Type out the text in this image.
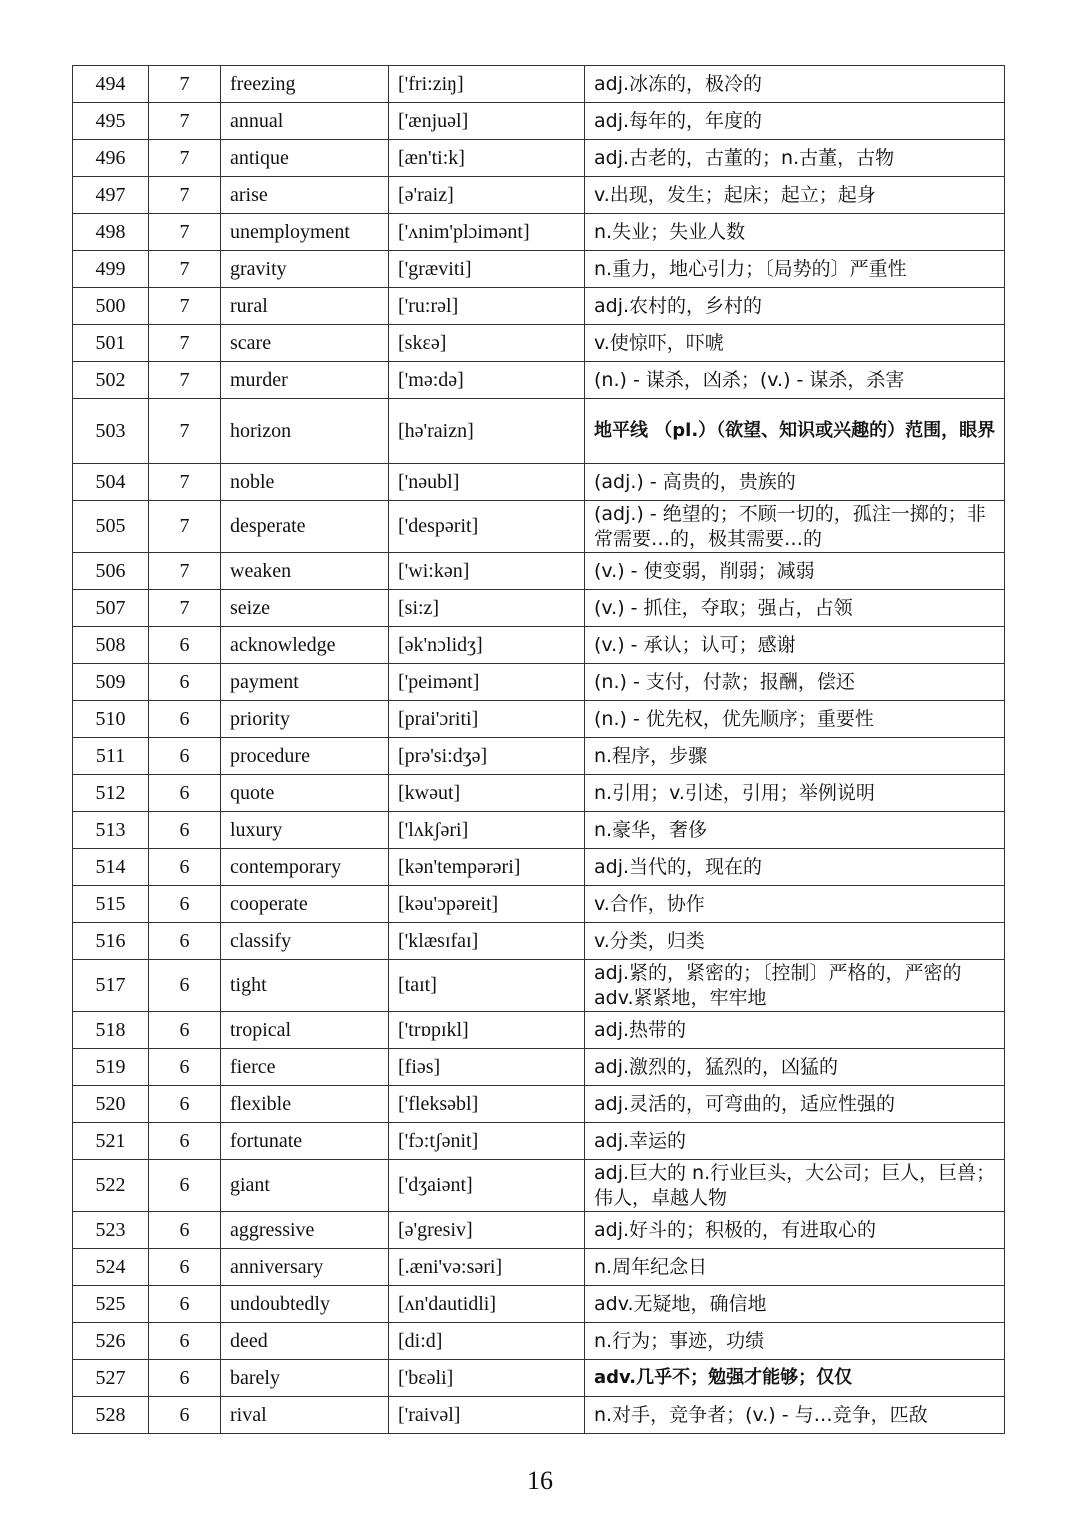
494	7	freezing	['fri:ziŋ]	adj.冰冻的，极冷的
495	7	annual	['ænjuəl]	adj.每年的，年度的
496	7	antique	[æn'ti:k]	adj.古老的，古董的；n.古董，古物
497	7	arise	[ə'raiz]	v.出现，发生；起床；起立；起身
498	7	unemployment	['ʌnim'plɔimənt]	n.失业；失业人数
499	7	gravity	['græviti]	n.重力，地心引力；〔局势的〕严重性
500	7	rural	['ru:rəl]	adj.农村的，乡村的
501	7	scare	[skεə]	v.使惊吓，吓唬
502	7	murder	['mə:də]	(n.) - 谋杀，凶杀；(v.) - 谋杀，杀害
503	7	horizon	[hə'raizn]	地平线 （pl.）（欲望、知识或兴趣的）范围，眼界
504	7	noble	['nəubl]	(adj.) - 高贵的，贵族的
505	7	desperate	['despərit]	(adj.) - 绝望的；不顾一切的，孤注一掷的；非常需要…的，极其需要…的
506	7	weaken	['wi:kən]	(v.) - 使变弱，削弱；减弱
507	7	seize	[si:z]	(v.) - 抓住，夺取；强占，占领
508	6	acknowledge	[ək'nɔlidʒ]	(v.) - 承认；认可；感谢
509	6	payment	['peimənt]	(n.) - 支付，付款；报酬，偿还
510	6	priority	[prai'ɔriti]	(n.) - 优先权，优先顺序；重要性
511	6	procedure	[prə'si:dʒə]	n.程序，步骤
512	6	quote	[kwəut]	n.引用；v.引述，引用；举例说明
513	6	luxury	['lʌkʃəri]	n.豪华，奢侈
514	6	contemporary	[kən'tempərəri]	adj.当代的，现在的
515	6	cooperate	[kəu'ɔpəreit]	v.合作，协作
516	6	classify	['klæsɪfaɪ]	v.分类，归类
517	6	tight	[taɪt]	adj.紧的，紧密的；〔控制〕严格的，严密的 adv.紧紧地，牢牢地
518	6	tropical	['trɒpɪkl]	adj.热带的
519	6	fierce	[fiəs]	adj.激烈的，猛烈的，凶猛的
520	6	flexible	['fleksəbl]	adj.灵活的，可弯曲的，适应性强的
521	6	fortunate	['fɔ:tʃənit]	adj.幸运的
522	6	giant	['dʒaiənt]	adj.巨大的 n.行业巨头，大公司；巨人，巨兽；伟人，卓越人物
523	6	aggressive	[ə'gresiv]	adj.好斗的；积极的，有进取心的
524	6	anniversary	[.æni'və:səri]	n.周年纪念日
525	6	undoubtedly	[ʌn'dautidli]	adv.无疑地，确信地
526	6	deed	[di:d]	n.行为；事迹，功绩
527	6	barely	['bεəli]	adv.几乎不；勉强才能够；仅仅
528	6	rival	['raivəl]	n.对手，竞争者；(v.) - 与…竞争，匹敌
16
